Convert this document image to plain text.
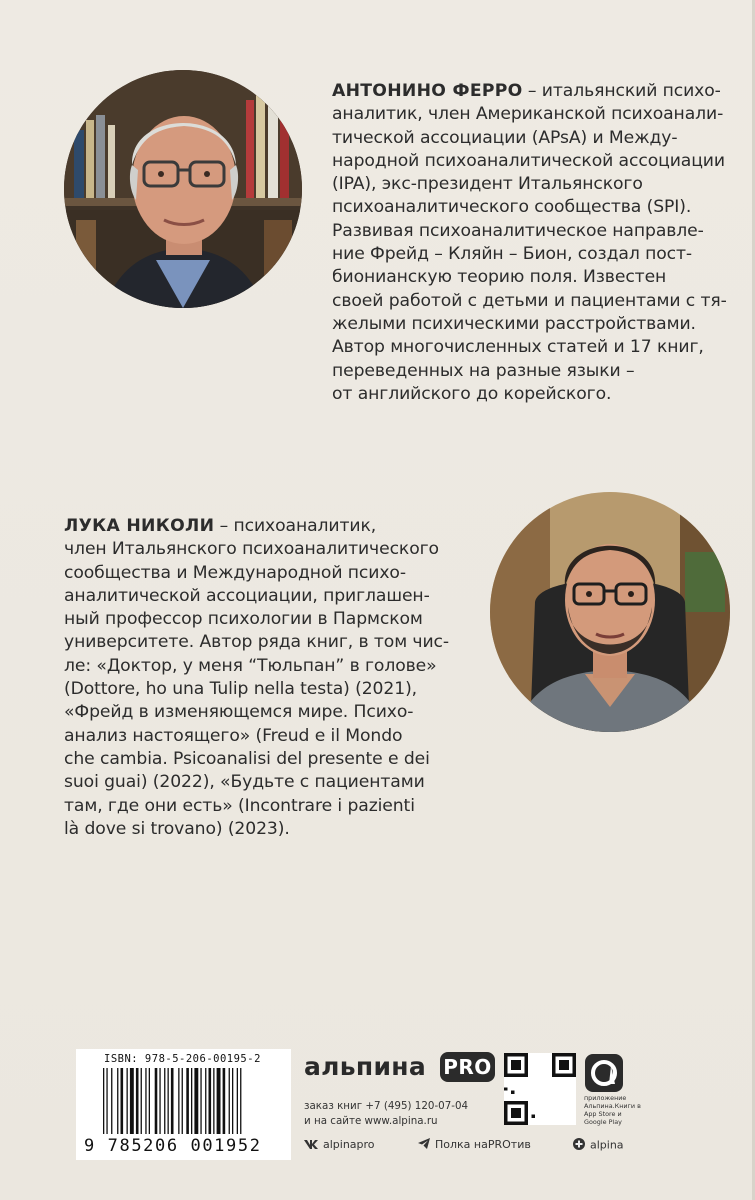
АНТОНИНО ФЕРРО – итальянский психо-
аналитик, член Американской психоанали-
тической ассоциации (APsA) и Между-
народной психоаналитической ассоциации
(IPA), экс-президент Итальянского
психоаналитического сообщества (SPI).
Развивая психоаналитическое направле-
ние Фрейд – Кляйн – Бион, создал пост-
бионианскую теорию поля. Известен
своей работой с детьми и пациентами с тя-
желыми психическими расстройствами.
Автор многочисленных статей и 17 книг,
переведенных на разные языки –
от английского до корейского.
ЛУКА НИКОЛИ – психоаналитик,
член Итальянского психоаналитического
сообщества и Международной психо-
аналитической ассоциации, приглашен-
ный профессор психологии в Пармском
университете. Автор ряда книг, в том чис-
ле: «Доктор, у меня “Тюльпан” в голове»
(Dottore, ho una Tulip nella testa) (2021),
«Фрейд в изменяющемся мире. Психо-
анализ настоящего» (Freud e il Mondo
che cambia. Psicoanalisi del presente e dei
suoi guai) (2022), «Будьте с пациентами
там, где они есть» (Incontrare i pazienti
là dove si trovano) (2023).
ISBN: 978-5-206-00195-2
9 785206 001952
альпина PRO
приложение Альпина.Книги в App Store и Google Play
заказ книг +7 (495) 120-07-04
и на сайте www.alpina.ru
alpinapro	Полка наPROтив	alpina
